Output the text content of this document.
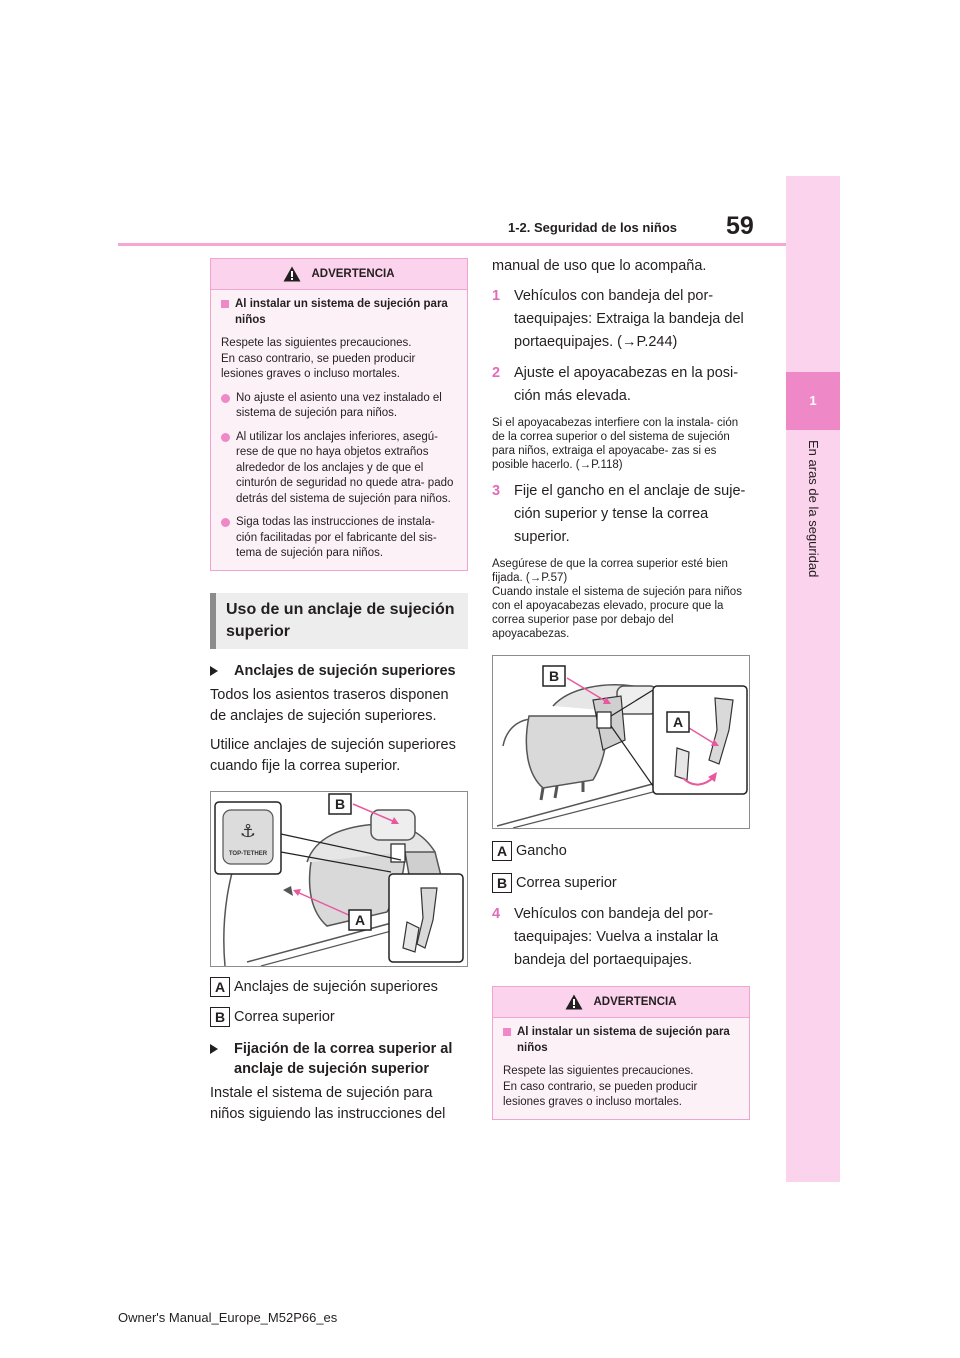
59
1-2. Seguridad de los niños
1
En aras de la seguridad
ADVERTENCIA
Al instalar un sistema de sujeción para niños
Respete las siguientes precauciones.
En caso contrario, se pueden producir lesiones graves o incluso mortales.
No ajuste el asiento una vez instalado el sistema de sujeción para niños.
Al utilizar los anclajes inferiores, asegú- rese de que no haya objetos extraños alrededor de los anclajes y de que el cinturón de seguridad no quede atra- pado detrás del sistema de sujeción para niños.
Siga todas las instrucciones de instala- ción facilitadas por el fabricante del sis- tema de sujeción para niños.
Uso de un anclaje de sujeción superior
Anclajes de sujeción superiores
Todos los asientos traseros disponen de anclajes de sujeción superiores.
Utilice anclajes de sujeción superiores cuando fije la correa superior.
⚓
TOP-TETHER
B
A
A Anclajes de sujeción superiores
B Correa superior
Fijación de la correa superior al anclaje de sujeción superior
Instale el sistema de sujeción para niños siguiendo las instrucciones del
manual de uso que lo acompaña.
1 Vehículos con bandeja del por- taequipajes: Extraiga la bandeja del portaequipajes. (→P.244)
2 Ajuste el apoyacabezas en la posi- ción más elevada.
Si el apoyacabezas interfiere con la instala- ción de la correa superior o del sistema de sujeción para niños, extraiga el apoyacabe- zas si es posible hacerlo. (→P.118)
3 Fije el gancho en el anclaje de suje- ción superior y tense la correa superior.
Asegúrese de que la correa superior esté bien fijada. (→P.57)
Cuando instale el sistema de sujeción para niños con el apoyacabezas elevado, procure que la correa superior pase por debajo del apoyacabezas.
B
A
A Gancho
B Correa superior
4 Vehículos con bandeja del por- taequipajes: Vuelva a instalar la bandeja del portaequipajes.
ADVERTENCIA
Al instalar un sistema de sujeción para niños
Respete las siguientes precauciones.
En caso contrario, se pueden producir lesiones graves o incluso mortales.
Owner's Manual_Europe_M52P66_es
